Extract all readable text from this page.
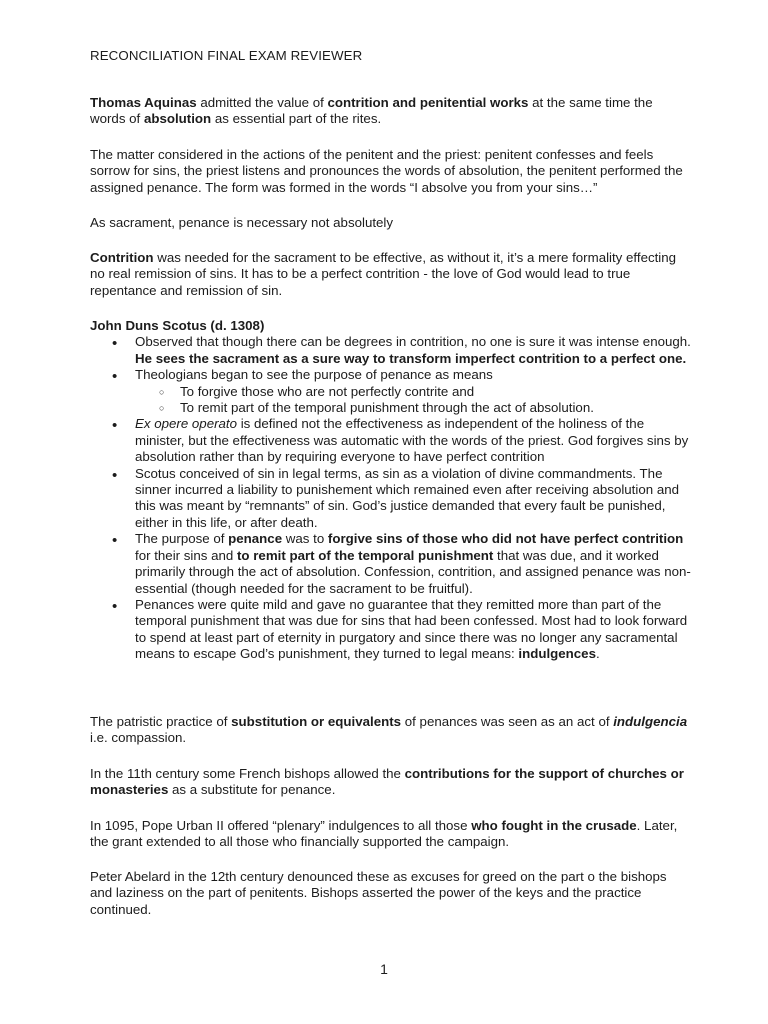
RECONCILIATION FINAL EXAM REVIEWER

Thomas Aquinas admitted the value of contrition and penitential works at the same time the words of absolution as essential part of the rites.

The matter considered in the actions of the penitent and the priest: penitent confesses and feels sorrow for sins, the priest listens and pronounces the words of absolution, the penitent performed the assigned penance. The form was formed in the words “I absolve you from your sins…”

As sacrament, penance is necessary not absolutely

Contrition was needed for the sacrament to be effective, as without it, it’s a mere formality effecting no real remission of sins. It has to be a perfect contrition - the love of God would lead to true repentance and remission of sin.

John Duns Scotus (d. 1308)

• Observed that though there can be degrees in contrition, no one is sure it was intense enough. He sees the sacrament as a sure way to transform imperfect contrition to a perfect one.
• Theologians began to see the purpose of penance as means
○ To forgive those who are not perfectly contrite and
○ To remit part of the temporal punishment through the act of absolution.
• Ex opere operato is defined not the effectiveness as independent of the holiness of the minister, but the effectiveness was automatic with the words of the priest. God forgives sins by absolution rather than by requiring everyone to have perfect contrition
• Scotus conceived of sin in legal terms, as sin as a violation of divine commandments. The sinner incurred a liability to punishement which remained even after receiving absolution and this was meant by “remnants” of sin. God’s justice demanded that every fault be punished, either in this life, or after death.
• The purpose of penance was to forgive sins of those who did not have perfect contrition for their sins and to remit part of the temporal punishment that was due, and it worked primarily through the act of absolution. Confession, contrition, and assigned penance was non-essential (though needed for the sacrament to be fruitful).
• Penances were quite mild and gave no guarantee that they remitted more than part of the temporal punishment that was due for sins that had been confessed. Most had to look forward to spend at least part of eternity in purgatory and since there was no longer any sacramental means to escape God’s punishment, they turned to legal means: indulgences.

The patristic practice of substitution or equivalents of penances was seen as an act of indulgencia i.e. compassion.

In the 11th century some French bishops allowed the contributions for the support of churches or monasteries as a substitute for penance.

In 1095, Pope Urban II offered “plenary” indulgences to all those who fought in the crusade. Later, the grant extended to all those who financially supported the campaign.

Peter Abelard in the 12th century denounced these as excuses for greed on the part o the bishops and laziness on the part of penitents. Bishops asserted the power of the keys and the practice continued.

1
